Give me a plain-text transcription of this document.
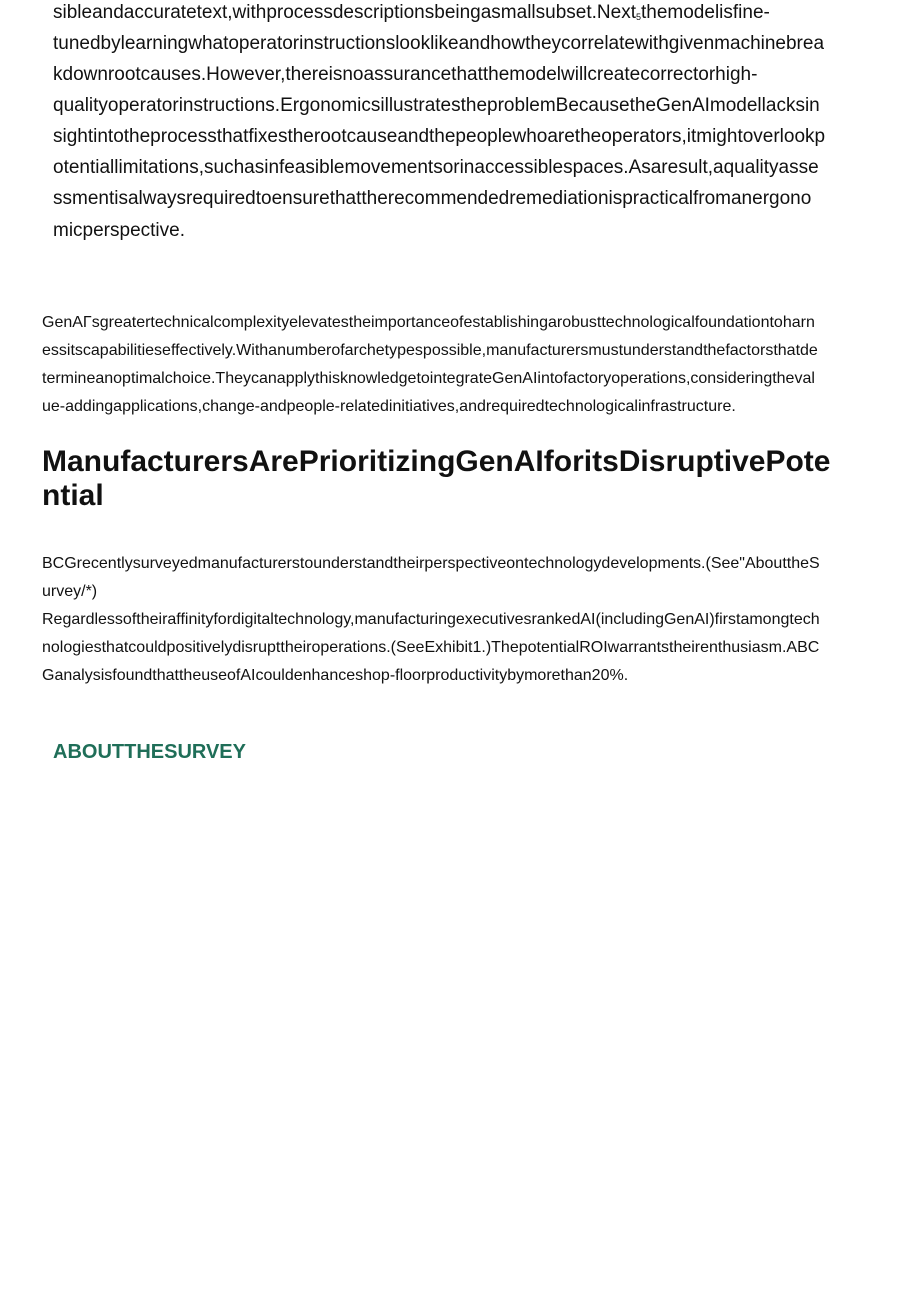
sibleandaccuratetext,withprocessdescriptionsbeingasmallsubset.Next$_5$themodelisfine-
tunedbylearningwhatoperatorinstructionslooklikeandhowtheycorrelatewithgivenmachinebrea
kdownrootcauses.However,thereisnoassurancethatthemodelwillcreatecorrectorhigh-
qualityoperatorinstructions.ErgonomicsillustratestheproblemBecausetheGenAImodellacksin
sightintotheprocessthatfixestherootcauseandthepeoplewhoaretheoperators,itmightoverlookp
otentiallimitations,suchasinfeasiblemovementsorinaccessiblespaces.Asaresult,aqualityasse
ssmentisalwaysrequiredtoensurethattherecommendedremediationispracticalfromanergono
micperspective.
GenAΓsgreatertechnicalcomplexityelevatestheimportanceofestablishingarobusttechnologicalfoundationtoharn
essitscapabilitieseffectively.Withanumberofarchetypespossible,manufacturersmustunderstandthefactorsthatde
termineanoptimalchoice.TheycanapplythisknowledgetointegrateGenAIintofactoryoperations,consideringtheval
ue-addingapplications,change-andpeople-relatedinitiatives,andrequiredtechnologicalinfrastructure.
ManufacturersArePrioritizingGenAIforitsDisruptivePote
ntial
BCGrecentlysurveyedmanufacturerstounderstandtheirperspectiveontechnologydevelopments.(See"AbouttheS
urvey/*)
Regardlessoftheiraffinityfordigitaltechnology,manufacturingexecutivesrankedAI(includingGenAI)firstamongtech
nologiesthatcouldpositivelydisrupttheiroperations.(SeeExhibit1.)ThepotentialROIwarrantstheirenthusiasm.ABC
GanalysisfoundthattheuseofAIcouldenhanceshop-floorproductivitybymorethan20%.
ABOUTTHESURVEY
